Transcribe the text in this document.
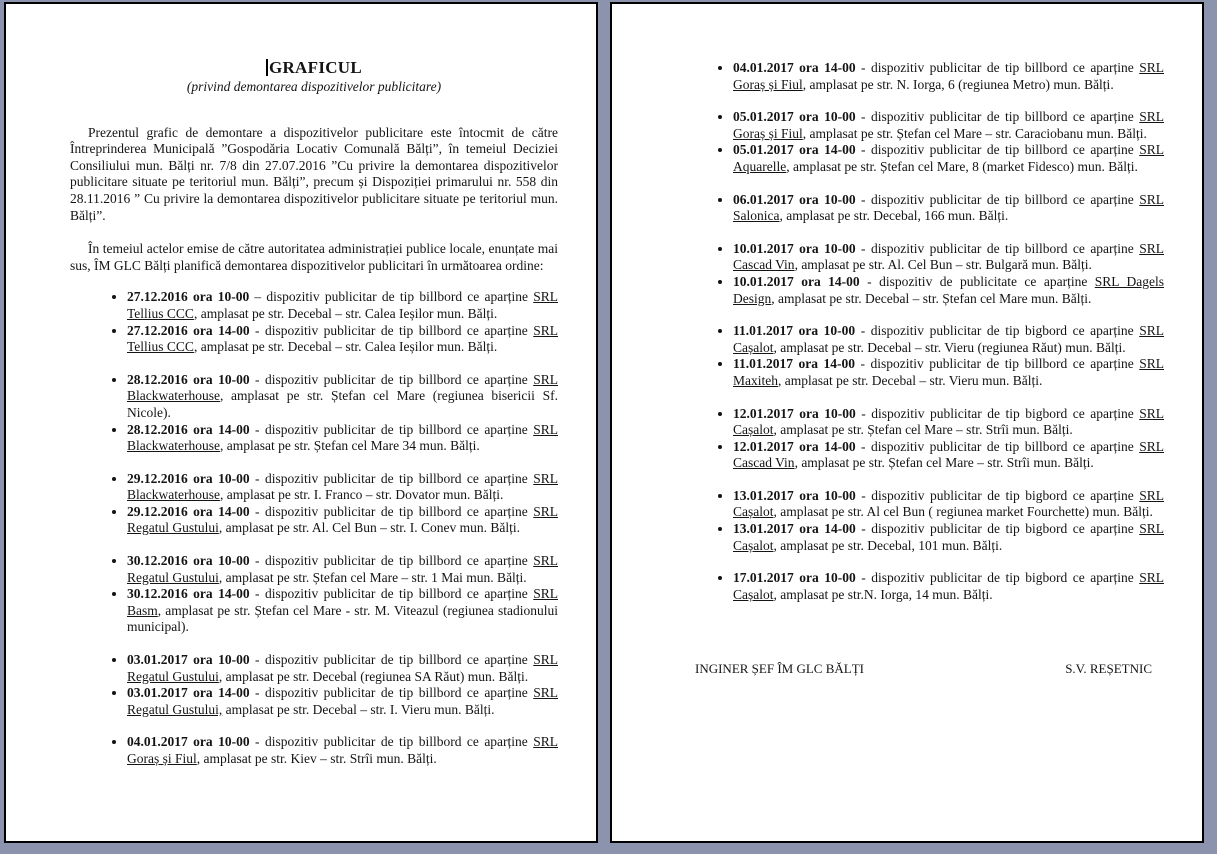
GRAFICUL
(privind demontarea dispozitivelor publicitare)

Prezentul grafic de demontare a dispozitivelor publicitare este întocmit de către Întreprinderea Municipală ”Gospodăria Locativ Comunală Bălți”, în temeiul Deciziei Consiliului mun. Bălți nr. 7/8 din 27.07.2016 ”Cu privire la demontarea dispozitivelor publicitare situate pe teritoriul mun. Bălți”, precum și Dispoziției primarului nr. 558 din 28.11.2016 ” Cu privire la demontarea dispozitivelor publicitare situate pe teritoriul mun. Bălți”.

În temeiul actelor emise de către autoritatea administrației publice locale, enunțate mai sus, ÎM GLC Bălți planifică demontarea dispozitivelor publicitari în următoarea ordine:

• 27.12.2016 ora 10-00 – dispozitiv publicitar de tip billbord ce aparține SRL Tellius CCC, amplasat pe str. Decebal – str. Calea Ieșilor mun. Bălți.
• 27.12.2016 ora 14-00 - dispozitiv publicitar de tip billbord ce aparține SRL Tellius CCC, amplasat pe str. Decebal – str. Calea Ieșilor mun. Bălți.
• 28.12.2016 ora 10-00 - dispozitiv publicitar de tip billbord ce aparține SRL Blackwaterhouse, amplasat pe str. Ștefan cel Mare (regiunea bisericii Sf. Nicole).
• 28.12.2016 ora 14-00 - dispozitiv publicitar de tip billbord ce aparține SRL Blackwaterhouse, amplasat pe str. Ștefan cel Mare 34 mun. Bălți.
• 29.12.2016 ora 10-00 - dispozitiv publicitar de tip billbord ce aparține SRL Blackwaterhouse, amplasat pe str. I. Franco – str. Dovator mun. Bălți.
• 29.12.2016 ora 14-00 - dispozitiv publicitar de tip billbord ce aparține SRL Regatul Gustului, amplasat pe str. Al. Cel Bun – str. I. Conev mun. Bălți.
• 30.12.2016 ora 10-00 - dispozitiv publicitar de tip billbord ce aparține SRL Regatul Gustului, amplasat pe str. Ștefan cel Mare – str. 1 Mai mun. Bălți.
• 30.12.2016 ora 14-00 - dispozitiv publicitar de tip billbord ce aparține SRL Basm, amplasat pe str. Ștefan cel Mare - str. M. Viteazul (regiunea stadionului municipal).
• 03.01.2017 ora 10-00 - dispozitiv publicitar de tip billbord ce aparține SRL Regatul Gustului, amplasat pe str. Decebal (regiunea SA Răut) mun. Bălți.
• 03.01.2017 ora 14-00 - dispozitiv publicitar de tip billbord ce aparține SRL Regatul Gustului, amplasat pe str. Decebal – str. I. Vieru mun. Bălți.
• 04.01.2017 ora 10-00 - dispozitiv publicitar de tip billbord ce aparține SRL Goraș și Fiul, amplasat pe str. Kiev – str. Strîi mun. Bălți.
• 04.01.2017 ora 14-00 - dispozitiv publicitar de tip billbord ce aparține SRL Goraș și Fiul, amplasat pe str. N. Iorga, 6 (regiunea Metro) mun. Bălți.
• 05.01.2017 ora 10-00 - dispozitiv publicitar de tip billbord ce aparține SRL Goraș și Fiul, amplasat pe str. Ștefan cel Mare – str. Caraciobanu mun. Bălți.
• 05.01.2017 ora 14-00 - dispozitiv publicitar de tip billbord ce aparține SRL Aquarelle, amplasat pe str. Ștefan cel Mare, 8 (market Fidesco) mun. Bălți.
• 06.01.2017 ora 10-00 - dispozitiv publicitar de tip billbord ce aparține SRL Salonica, amplasat pe str. Decebal, 166 mun. Bălți.
• 10.01.2017 ora 10-00 - dispozitiv publicitar de tip billbord ce aparține SRL Cascad Vin, amplasat pe str. Al. Cel Bun – str. Bulgară mun. Bălți.
• 10.01.2017 ora 14-00 - dispozitiv de publicitate ce aparține SRL Dagels Design, amplasat pe str. Decebal – str. Ștefan cel Mare mun. Bălți.
• 11.01.2017 ora 10-00 - dispozitiv publicitar de tip bigbord ce aparține SRL Cașalot, amplasat pe str. Decebal – str. Vieru (regiunea Răut) mun. Bălți.
• 11.01.2017 ora 14-00 - dispozitiv publicitar de tip billbord ce aparține SRL Maxiteh, amplasat pe str. Decebal – str. Vieru mun. Bălți.
• 12.01.2017 ora 10-00 - dispozitiv publicitar de tip bigbord ce aparține SRL Cașalot, amplasat pe str. Ștefan cel Mare – str. Strîi mun. Bălți.
• 12.01.2017 ora 14-00 - dispozitiv publicitar de tip billbord ce aparține SRL Cascad Vin, amplasat pe str. Ștefan cel Mare – str. Strîi mun. Bălți.
• 13.01.2017 ora 10-00 - dispozitiv publicitar de tip bigbord ce aparține SRL Cașalot, amplasat pe str. Al cel Bun ( regiunea market Fourchette) mun. Bălți.
• 13.01.2017 ora 14-00 - dispozitiv publicitar de tip bigbord ce aparține SRL Cașalot, amplasat pe str. Decebal, 101 mun. Bălți.
• 17.01.2017 ora 10-00 - dispozitiv publicitar de tip bigbord ce aparține SRL Cașalot, amplasat pe str.N. Iorga, 14 mun. Bălți.
INGINER ȘEF ÎM GLC BĂLȚI	S.V. REȘETNIC
